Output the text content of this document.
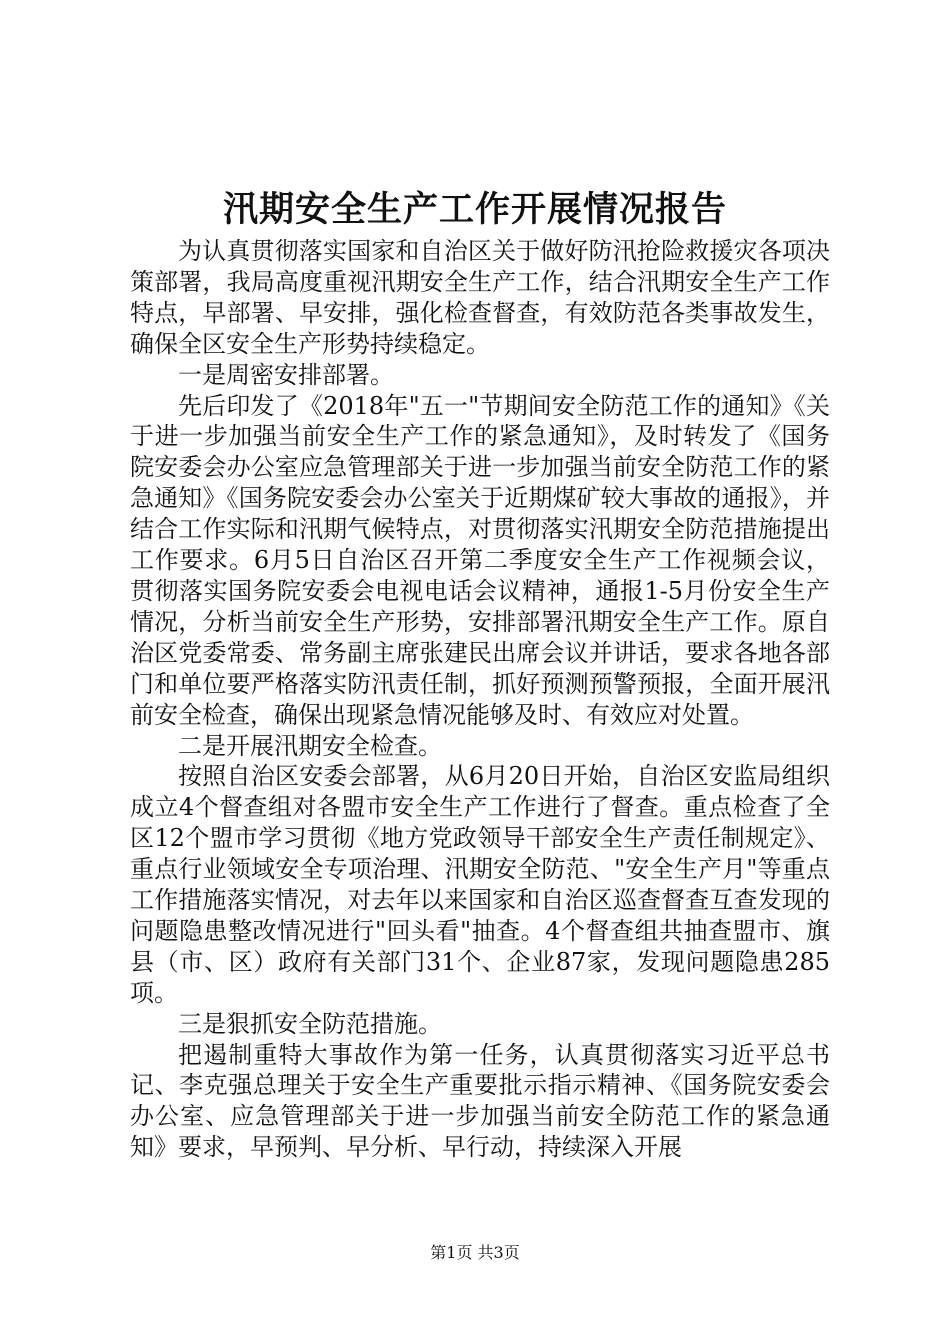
汛期安全生产工作开展情况报告

为认真贯彻落实国家和自治区关于做好防汛抢险救援灾各项决策部署，我局高度重视汛期安全生产工作，结合汛期安全生产工作特点，早部署、早安排，强化检查督查，有效防范各类事故发生，确保全区安全生产形势持续稳定。

一是周密安排部署。

先后印发了《2018年"五一"节期间安全防范工作的通知》《关于进一步加强当前安全生产工作的紧急通知》，及时转发了《国务院安委会办公室应急管理部关于进一步加强当前安全防范工作的紧急通知》《国务院安委会办公室关于近期煤矿较大事故的通报》，并结合工作实际和汛期气候特点，对贯彻落实汛期安全防范措施提出工作要求。6月5日自治区召开第二季度安全生产工作视频会议，贯彻落实国务院安委会电视电话会议精神，通报1-5月份安全生产情况，分析当前安全生产形势，安排部署汛期安全生产工作。原自治区党委常委、常务副主席张建民出席会议并讲话，要求各地各部门和单位要严格落实防汛责任制，抓好预测预警预报，全面开展汛前安全检查，确保出现紧急情况能够及时、有效应对处置。

二是开展汛期安全检查。

按照自治区安委会部署，从6月20日开始，自治区安监局组织成立4个督查组对各盟市安全生产工作进行了督查。重点检查了全区12个盟市学习贯彻《地方党政领导干部安全生产责任制规定》、重点行业领域安全专项治理、汛期安全防范、"安全生产月"等重点工作措施落实情况，对去年以来国家和自治区巡查督查互查发现的问题隐患整改情况进行"回头看"抽查。4个督查组共抽查盟市、旗县（市、区）政府有关部门31个、企业87家，发现问题隐患285项。

三是狠抓安全防范措施。

把遏制重特大事故作为第一任务，认真贯彻落实习近平总书记、李克强总理关于安全生产重要批示指示精神、《国务院安委会办公室、应急管理部关于进一步加强当前安全防范工作的紧急通知》要求，早预判、早分析、早行动，持续深入开展

第1页 共3页
